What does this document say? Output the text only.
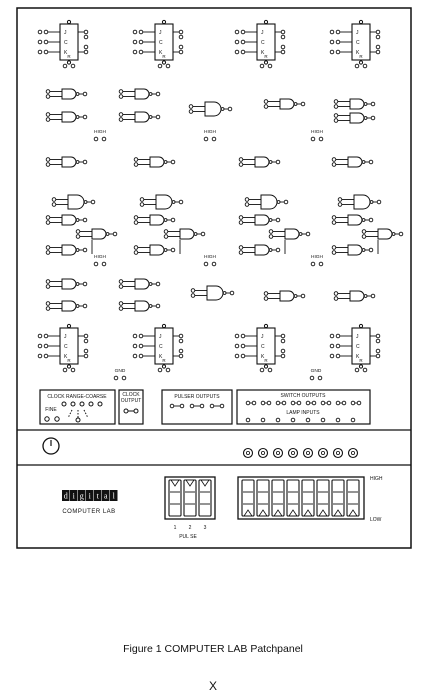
J
C
K
R
J
C
K
R
J
C
K
R
J
C
K
R
J
C
K
R
J
C
K
R
J
C
K
R
J
C
K
R
HIGH	HIGH	HIGH
HIGH	HIGH	HIGH
GND	GND
CLOCK RANGE-COARSE
FINE
CLOCK OUTPUT
PULSER OUTPUTS	SWITCH OUTPUTS
LAMP INPUTS
d i g i t a l
COMPUTER LAB
1 2 3
PUL SE
HIGH
LOW
Figure 1 COMPUTER LAB Patchpanel
X
